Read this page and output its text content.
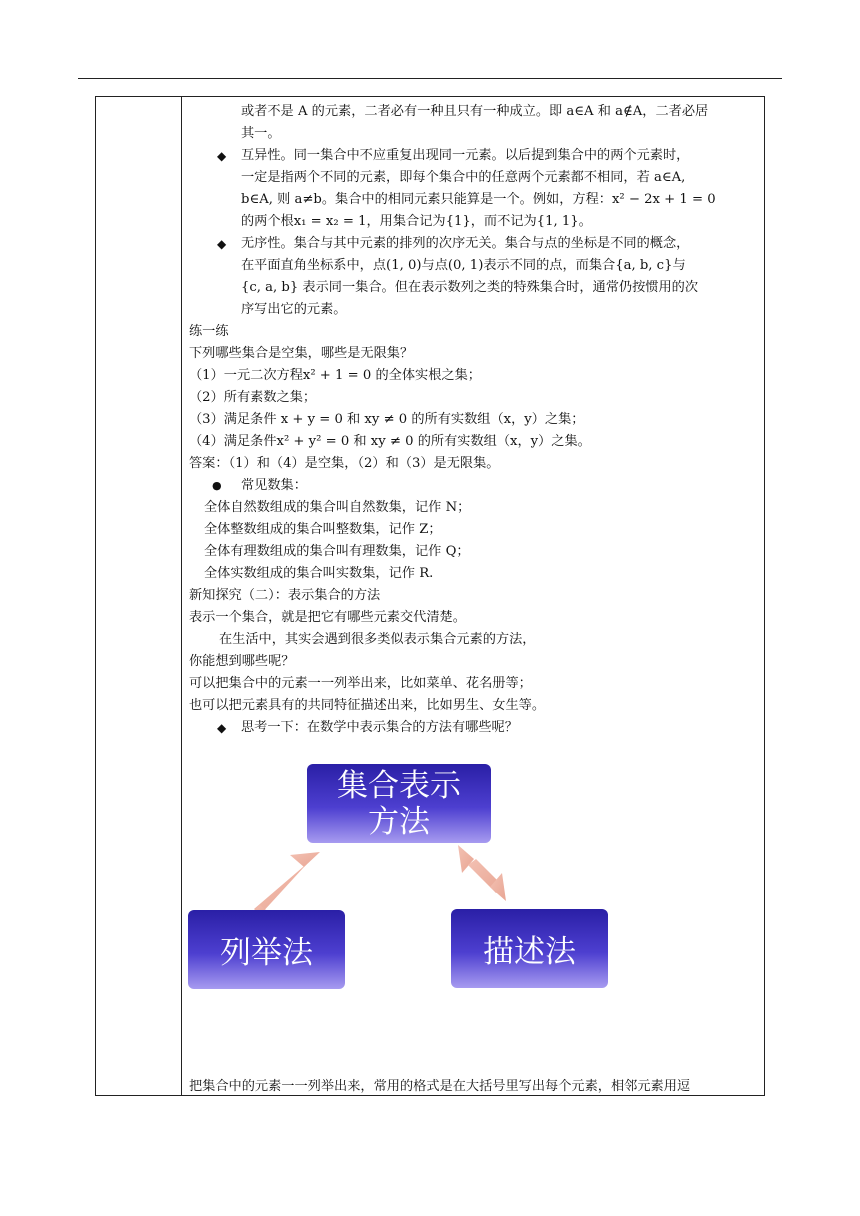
或者不是 A 的元素，二者必有一种且只有一种成立。即 a∈A 和 a∉A，二者必居
其一。
◆ 互异性。同一集合中不应重复出现同一元素。以后提到集合中的两个元素时，
一定是指两个不同的元素，即每个集合中的任意两个元素都不相同，若 a∈A,
b∈A, 则 a≠b。集合中的相同元素只能算是一个。例如，方程：x² − 2x + 1 = 0
的两个根x₁ = x₂ = 1，用集合记为{1}，而不记为{1, 1}。
◆ 无序性。集合与其中元素的排列的次序无关。集合与点的坐标是不同的概念，
在平面直角坐标系中，点(1, 0)与点(0, 1)表示不同的点，而集合{a, b, c}与
{c, a, b} 表示同一集合。但在表示数列之类的特殊集合时，通常仍按惯用的次
序写出它的元素。
练一练
下列哪些集合是空集，哪些是无限集？
（1）一元二次方程x² + 1 = 0 的全体实根之集；
（2）所有素数之集；
（3）满足条件 x + y = 0 和 xy ≠ 0 的所有实数组（x，y）之集；
（4）满足条件x² + y² = 0 和 xy ≠ 0 的所有实数组（x，y）之集。
答案：（1）和（4）是空集，（2）和（3）是无限集。
● 常见数集：
全体自然数组成的集合叫自然数集，记作 N；
全体整数组成的集合叫整数集，记作 Z；
全体有理数组成的集合叫有理数集，记作 Q；
全体实数组成的集合叫实数集，记作 R.
新知探究（二）：表示集合的方法
表示一个集合，就是把它有哪些元素交代清楚。
在生活中，其实会遇到很多类似表示集合元素的方法，
你能想到哪些呢？
可以把集合中的元素一一列举出来，比如菜单、花名册等；
也可以把元素具有的共同特征描述出来，比如男生、女生等。
◆ 思考一下：在数学中表示集合的方法有哪些呢？
集合表示
方法
列举法	描述法
把集合中的元素一一列举出来，常用的格式是在大括号里写出每个元素，相邻元素用逗
